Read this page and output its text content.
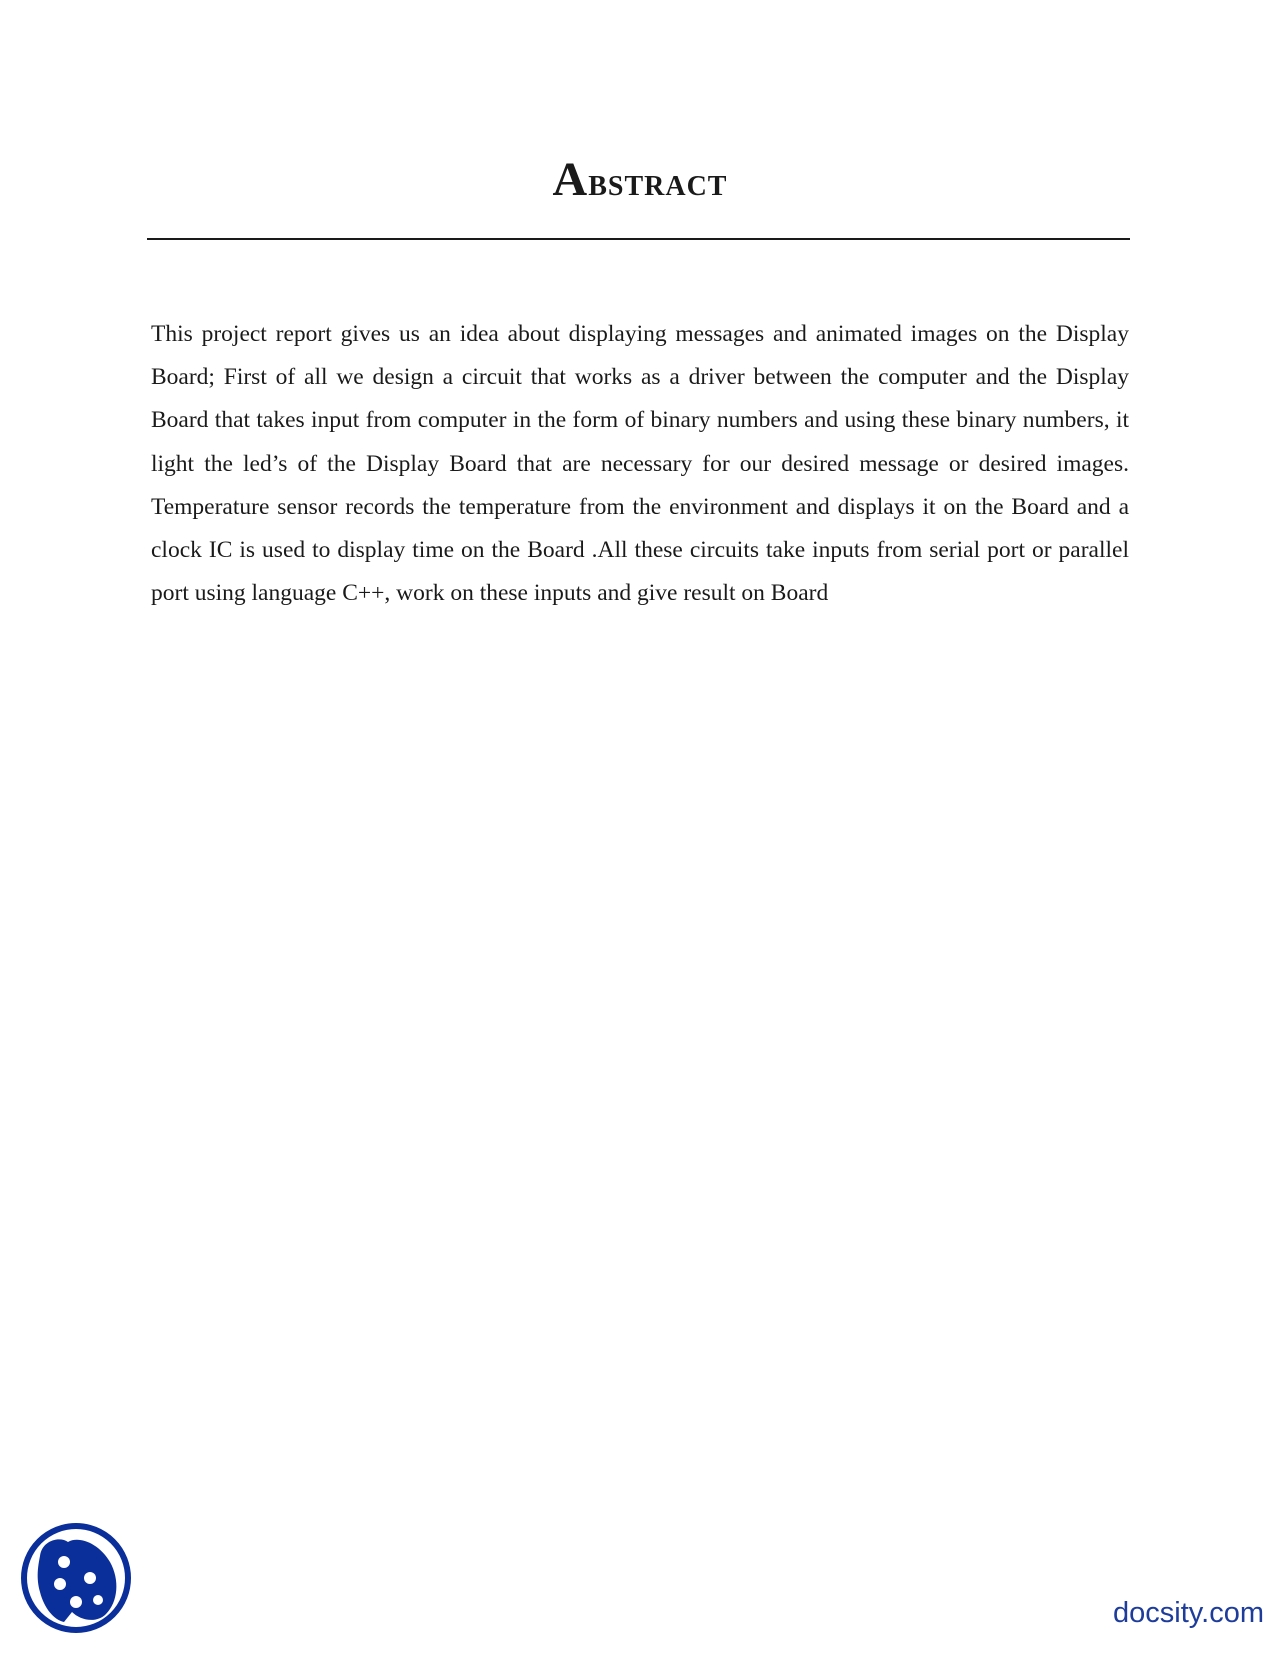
Abstract

This project report gives us an idea about displaying messages and animated images on the Display Board; First of all we design a circuit that works as a driver between the computer and the Display Board that takes input from computer in the form of binary numbers and using these binary numbers, it light the led’s of the Display Board that are necessary for our desired message or desired images. Temperature sensor records the temperature from the environment and displays it on the Board and a clock IC is used to display time on the Board .All these circuits take inputs from serial port or parallel port using language C++, work on these inputs and give result on Board

docsity.com
